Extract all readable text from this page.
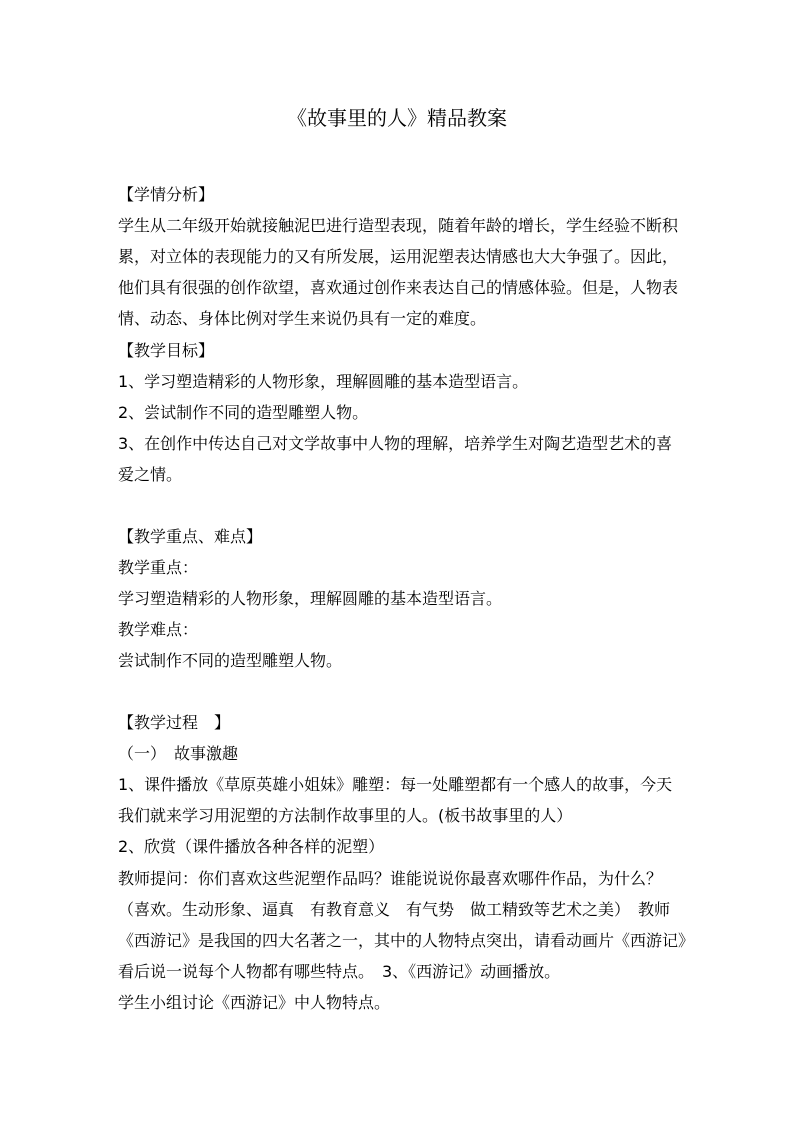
《故事里的人》精品教案
【学情分析】
学生从二年级开始就接触泥巴进行造型表现，随着年龄的增长，学生经验不断积
累，对立体的表现能力的又有所发展，运用泥塑表达情感也大大争强了。因此，
他们具有很强的创作欲望，喜欢通过创作来表达自己的情感体验。但是，人物表
情、动态、身体比例对学生来说仍具有一定的难度。
【教学目标】
1、学习塑造精彩的人物形象，理解圆雕的基本造型语言。
2、尝试制作不同的造型雕塑人物。
3、在创作中传达自己对文学故事中人物的理解，培养学生对陶艺造型艺术的喜
爱之情。
【教学重点、难点】
教学重点：
学习塑造精彩的人物形象，理解圆雕的基本造型语言。
教学难点：
尝试制作不同的造型雕塑人物。
【教学过程　】
（一）　故事激趣
1、课件播放《草原英雄小姐妹》雕塑：每一处雕塑都有一个感人的故事，今天
我们就来学习用泥塑的方法制作故事里的人。(板书故事里的人）
2、欣赏（课件播放各种各样的泥塑）
教师提问：你们喜欢这些泥塑作品吗？谁能说说你最喜欢哪件作品，为什么？
（喜欢。生动形象、逼真　有教育意义　有气势　做工精致等艺术之美）　教师
《西游记》是我国的四大名著之一，其中的人物特点突出，请看动画片《西游记》
看后说一说每个人物都有哪些特点。　3、《西游记》动画播放。
学生小组讨论《西游记》中人物特点。
